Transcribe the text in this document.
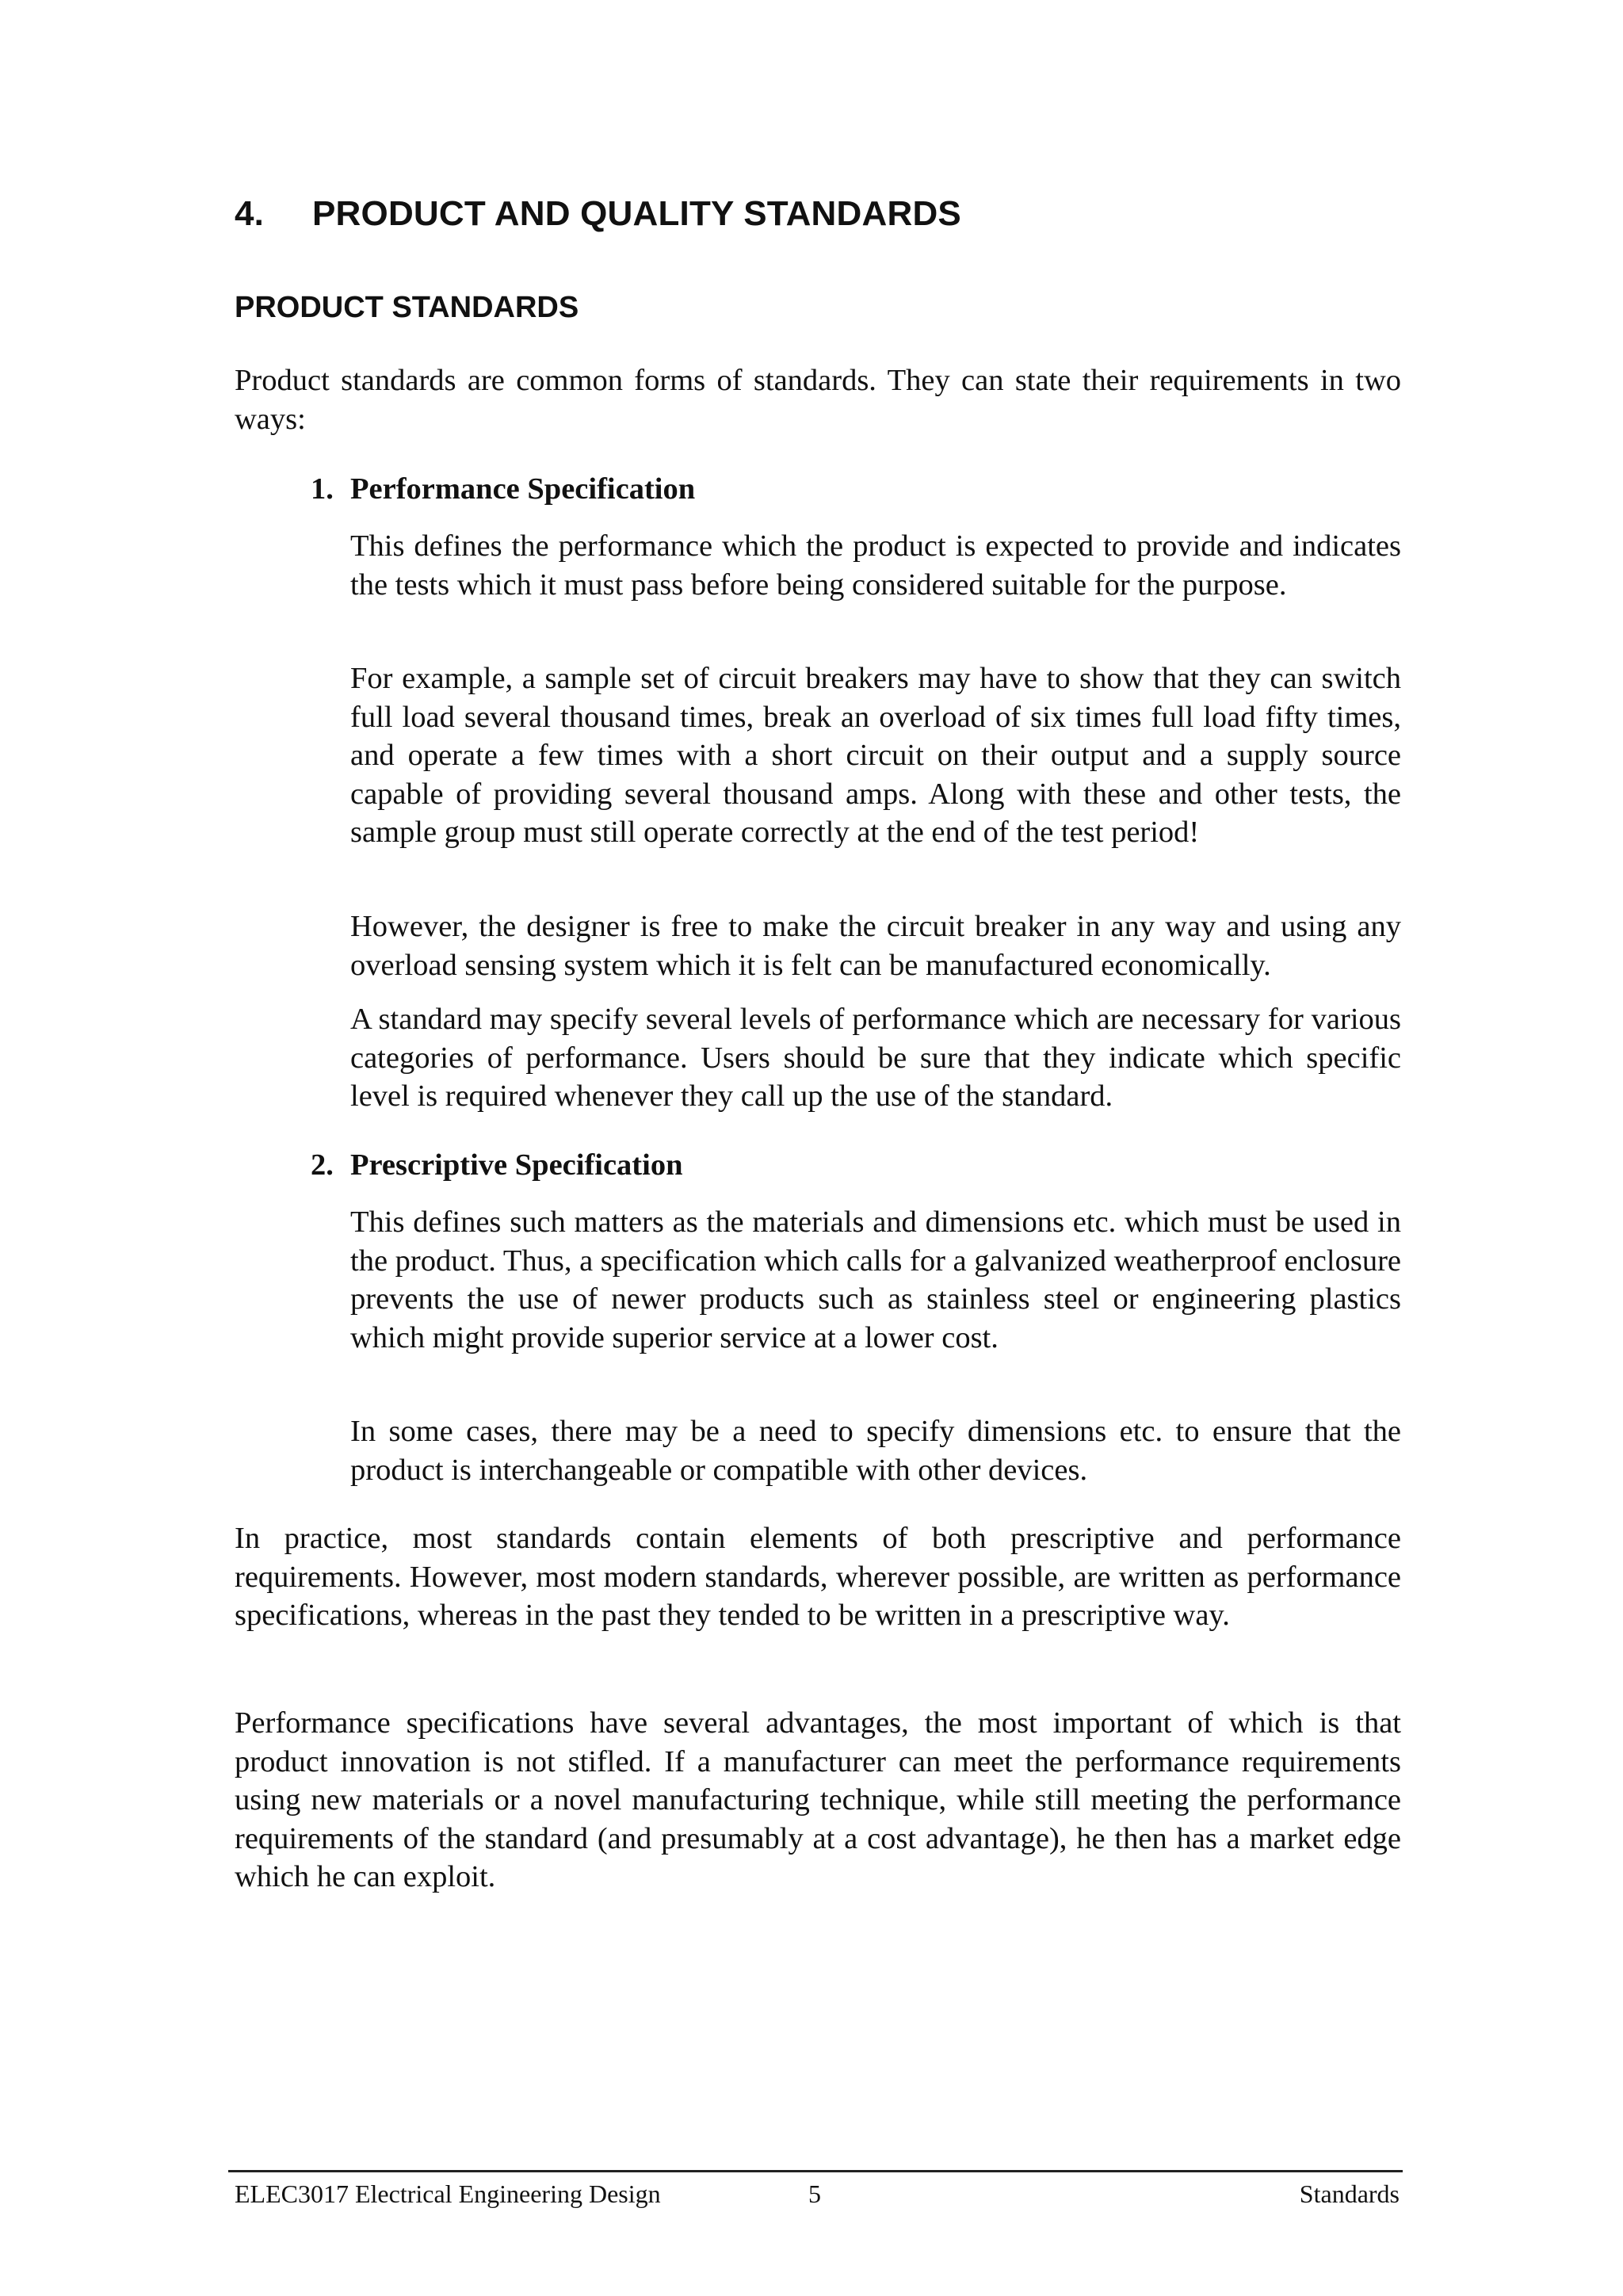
4. PRODUCT AND QUALITY STANDARDS
PRODUCT STANDARDS

Product standards are common forms of standards. They can state their requirements in two ways:

1. Performance Specification

This defines the performance which the product is expected to provide and indicates the tests which it must pass before being considered suitable for the purpose.

For example, a sample set of circuit breakers may have to show that they can switch full load several thousand times, break an overload of six times full load fifty times, and operate a few times with a short circuit on their output and a supply source capable of providing several thousand amps. Along with these and other tests, the sample group must still operate correctly at the end of the test period!

However, the designer is free to make the circuit breaker in any way and using any overload sensing system which it is felt can be manufactured economically.

A standard may specify several levels of performance which are necessary for various categories of performance. Users should be sure that they indicate which specific level is required whenever they call up the use of the standard.

2. Prescriptive Specification

This defines such matters as the materials and dimensions etc. which must be used in the product. Thus, a specification which calls for a galvanized weatherproof enclosure prevents the use of newer products such as stainless steel or engineering plastics which might provide superior service at a lower cost.

In some cases, there may be a need to specify dimensions etc. to ensure that the product is interchangeable or compatible with other devices.

In practice, most standards contain elements of both prescriptive and performance requirements. However, most modern standards, wherever possible, are written as performance specifications, whereas in the past they tended to be written in a prescriptive way.

Performance specifications have several advantages, the most important of which is that product innovation is not stifled. If a manufacturer can meet the performance requirements using new materials or a novel manufacturing technique, while still meeting the performance requirements of the standard (and presumably at a cost advantage), he then has a market edge which he can exploit.

ELEC3017 Electrical Engineering Design	5	Standards
